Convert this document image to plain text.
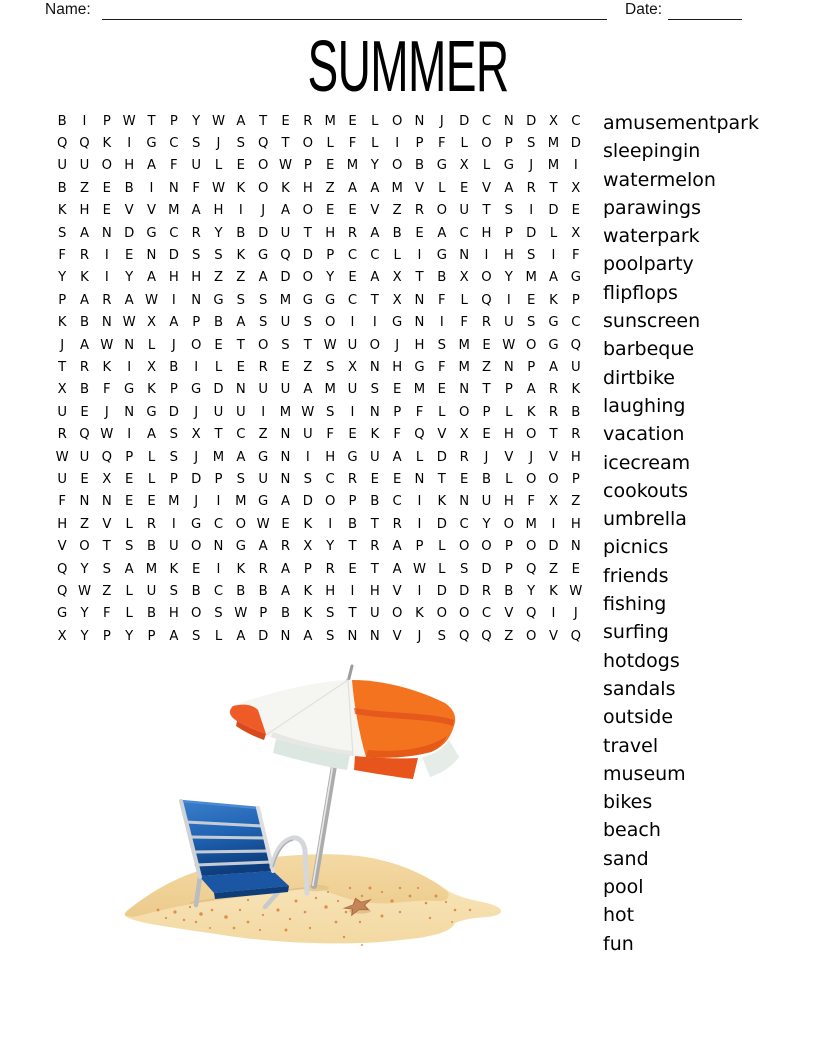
Name:	Date:
SUMMER
B	I	P W T	P	Y W A	T	E	R M E	L	O N	J	D C N D X	C
Q Q K	I	G C	S	J	S Q T O	L	F	L	I	P	F	L	O P	S M D
U U O H A	F	U	L	E O W P	E M Y O B G X	L	G	J	M	I
B	Z	E	B	I	N	F W K O K H Z	A	A M V	L	E	V	A	R	T	X
K H	E	V	V M A H	I	J	A O E	E	V	Z	R O U	T	S	I	D E
S	A N D G C R	Y	B D U	T	H R	A	B	E	A	C H	P	D	L	X
F	R	I	E	N D S	S	K G Q D	P	C C	L	I	G N	I	H S	I	F
Y	K	I	Y	A H H Z	Z	A D O Y	E	A	X	T	B	X O Y M A G
P	A	R	A W	I	N G S	S M G G C	T	X N	F	L	Q	I	E	K	P
K	B N W X	A	P	B	A	S	U	S O	I	I	G N	I	F	R U	S G C
J	A W N	L	J	O E	T O S	T W U O	J	H S M E W O G Q
T	R	K	I	X	B	I	L	E	R	E	Z	S	X N H G	F M Z N	P	A U
X	B	F	G K	P	G D N U U A M U	S	E M E	N	T	P	A	R	K
U	E	J	N G D	J	U U	I	M W S	I	N	P	F	L	O P	L	K	R	B
R Q W	I	A	S	X	T	C	Z N U	F	E	K	F	Q V	X	E	H O T	R
W U Q P	L	S	J	M A G N	I	H G U A	L	D R	J	V	J	V H
U	E	X	E	L	P	D	P	S	U N	S	C R	E	E	N	T	E	B	L	O O P
F	N N	E	E M	J	I	M G A D O P	B C	I	K N U H	F	X	Z
H Z	V	L	R	I	G C O W E	K	I	B	T	R	I	D C	Y O M	I	H
V O T	S	B U O N G A	R	X	Y	T	R	A	P	L	O O P O D N
Q Y	S	A M K	E	I	K	R	A	P	R	E	T	A W L	S D	P Q Z	E
Q W Z	L	U	S	B C	B	B	A	K H	I	H V	I	D D R	B	Y	K W
G Y	F	L	B H O S W P	B	K	S	T	U O K O O C	V Q	I	J
X	Y	P	Y	P	A	S	L	A D N A	S	N N V	J	S Q Q Z O V Q
amusementpark
sleepingin
watermelon
parawings
waterpark
poolparty
flipflops
sunscreen
barbeque
dirtbike
laughing
vacation
icecream
cookouts
umbrella
picnics
friends
fishing
surfing
hotdogs
sandals
outside
travel
museum
bikes
beach
sand
pool
hot
fun
